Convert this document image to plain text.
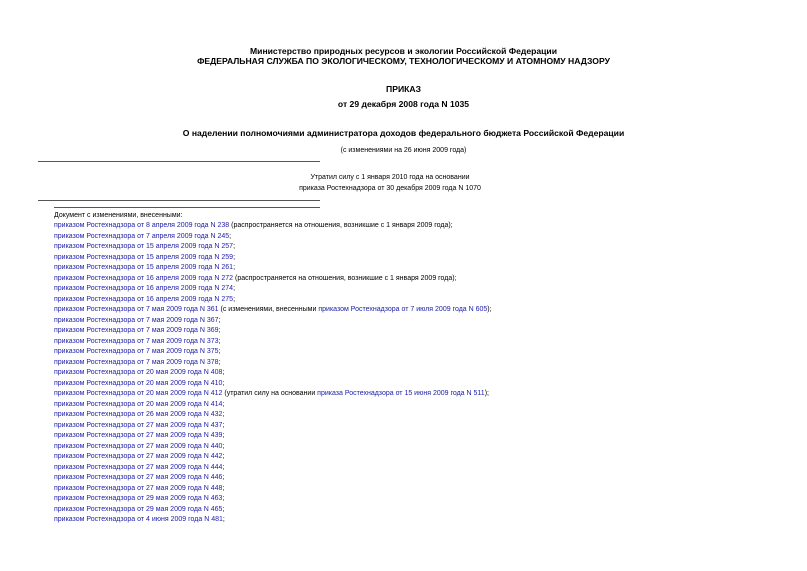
Министерство природных ресурсов и экологии Российской Федерации
ФЕДЕРАЛЬНАЯ СЛУЖБА ПО ЭКОЛОГИЧЕСКОМУ, ТЕХНОЛОГИЧЕСКОМУ И АТОМНОМУ НАДЗОРУ
ПРИКАЗ
от 29 декабря 2008 года N 1035
О наделении полномочиями администратора доходов федерального бюджета Российской Федерации
(с изменениями на 26 июня 2009 года)
Утратил силу с 1 января 2010 года на основании
приказа Ростехнадзора от 30 декабря 2009 года N 1070
Документ с изменениями, внесенными:
приказом Ростехнадзора от 8 апреля 2009 года N 238 (распространяется на отношения, возникшие с 1 января 2009 года);
приказом Ростехнадзора от 7 апреля 2009 года N 245;
приказом Ростехнадзора от 15 апреля 2009 года N 257;
приказом Ростехнадзора от 15 апреля 2009 года N 259;
приказом Ростехнадзора от 15 апреля 2009 года N 261;
приказом Ростехнадзора от 16 апреля 2009 года N 272 (распространяется на отношения, возникшие с 1 января 2009 года);
приказом Ростехнадзора от 16 апреля 2009 года N 274;
приказом Ростехнадзора от 16 апреля 2009 года N 275;
приказом Ростехнадзора от 7 мая 2009 года N 361 (с изменениями, внесенными приказом Ростехнадзора от 7 июля 2009 года N 605);
приказом Ростехнадзора от 7 мая 2009 года N 367;
приказом Ростехнадзора от 7 мая 2009 года N 369;
приказом Ростехнадзора от 7 мая 2009 года N 373;
приказом Ростехнадзора от 7 мая 2009 года N 375;
приказом Ростехнадзора от 7 мая 2009 года N 378;
приказом Ростехнадзора от 20 мая 2009 года N 408;
приказом Ростехнадзора от 20 мая 2009 года N 410;
приказом Ростехнадзора от 20 мая 2009 года N 412 (утратил силу на основании приказа Ростехнадзора от 15 июня 2009 года N 511);
приказом Ростехнадзора от 20 мая 2009 года N 414;
приказом Ростехнадзора от 26 мая 2009 года N 432;
приказом Ростехнадзора от 27 мая 2009 года N 437;
приказом Ростехнадзора от 27 мая 2009 года N 439;
приказом Ростехнадзора от 27 мая 2009 года N 440;
приказом Ростехнадзора от 27 мая 2009 года N 442;
приказом Ростехнадзора от 27 мая 2009 года N 444;
приказом Ростехнадзора от 27 мая 2009 года N 446;
приказом Ростехнадзора от 27 мая 2009 года N 448;
приказом Ростехнадзора от 29 мая 2009 года N 463;
приказом Ростехнадзора от 29 мая 2009 года N 465;
приказом Ростехнадзора от 4 июня 2009 года N 481;
